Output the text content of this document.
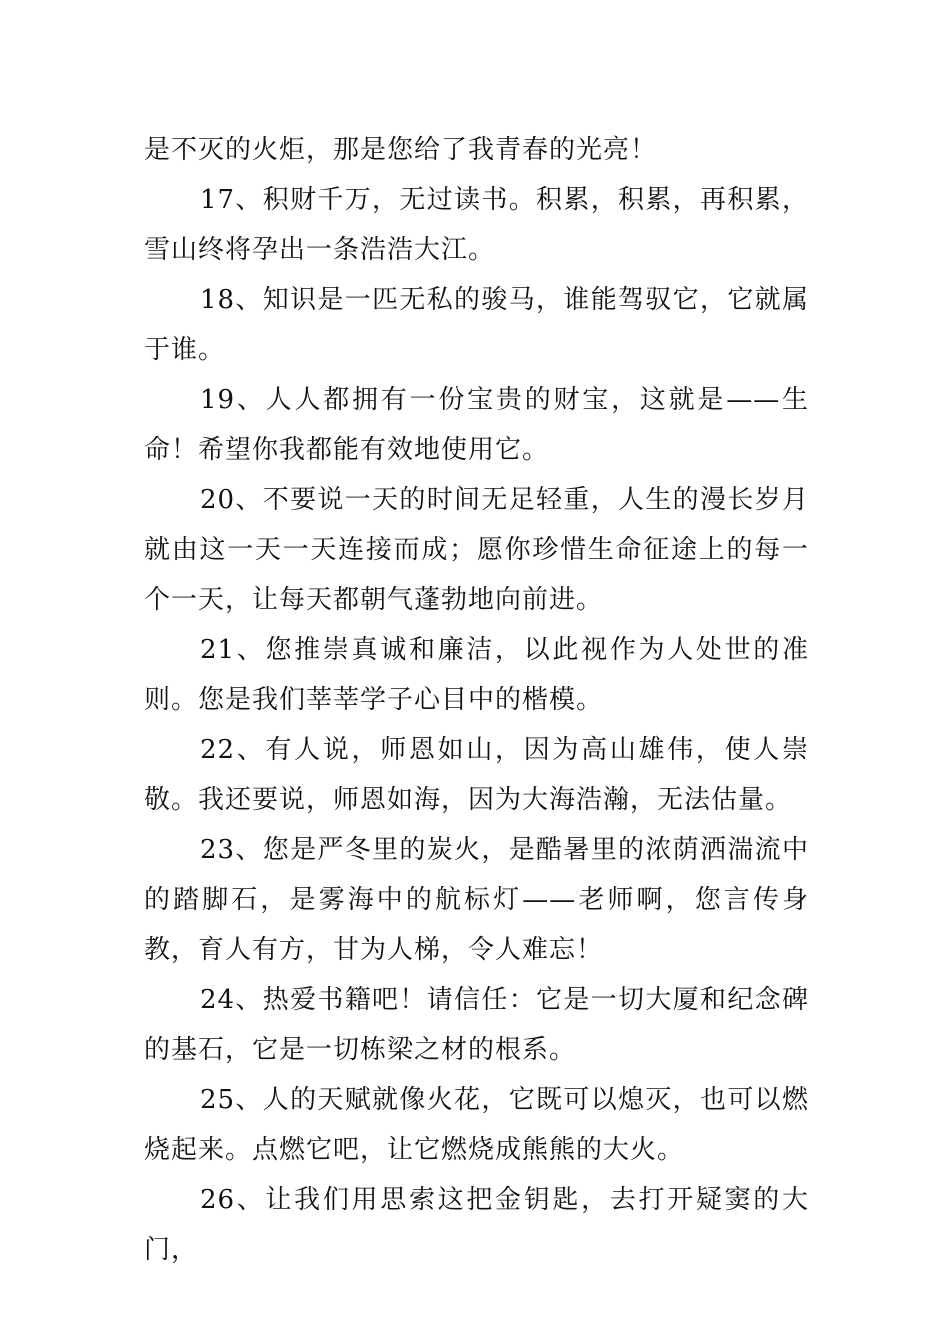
是不灭的火炬，那是您给了我青春的光亮！

17、积财千万，无过读书。积累，积累，再积累，雪山终将孕出一条浩浩大江。

18、知识是一匹无私的骏马，谁能驾驭它，它就属于谁。

19、人人都拥有一份宝贵的财宝，这就是——生命！希望你我都能有效地使用它。

20、不要说一天的时间无足轻重，人生的漫长岁月就由这一天一天连接而成；愿你珍惜生命征途上的每一个一天，让每天都朝气蓬勃地向前进。

21、您推崇真诚和廉洁，以此视作为人处世的准则。您是我们莘莘学子心目中的楷模。

22、有人说，师恩如山，因为高山雄伟，使人崇敬。我还要说，师恩如海，因为大海浩瀚，无法估量。

23、您是严冬里的炭火，是酷暑里的浓荫洒湍流中的踏脚石，是雾海中的航标灯——老师啊，您言传身教，育人有方，甘为人梯，令人难忘！

24、热爱书籍吧！请信任：它是一切大厦和纪念碑的基石，它是一切栋梁之材的根系。

25、人的天赋就像火花，它既可以熄灭，也可以燃烧起来。点燃它吧，让它燃烧成熊熊的大火。

26、让我们用思索这把金钥匙，去打开疑窦的大门，
